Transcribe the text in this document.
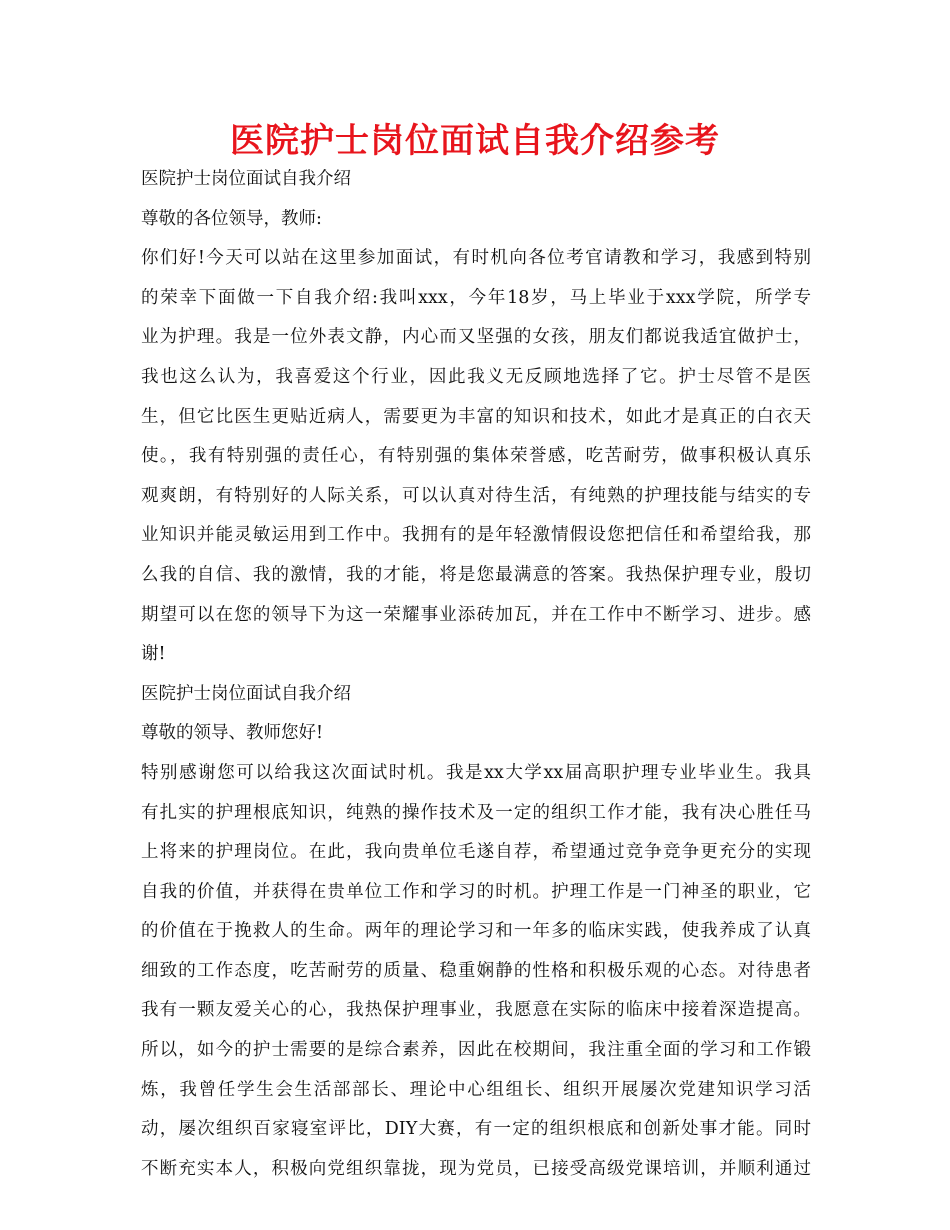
医院护士岗位面试自我介绍参考
医院护士岗位面试自我介绍
尊敬的各位领导，教师:
你们好!今天可以站在这里参加面试，有时机向各位考官请教和学习，我感到特别
的荣幸下面做一下自我介绍:我叫xxx，今年18岁，马上毕业于xxx学院，所学专
业为护理。我是一位外表文静，内心而又坚强的女孩，朋友们都说我适宜做护士，
我也这么认为，我喜爱这个行业，因此我义无反顾地选择了它。护士尽管不是医
生，但它比医生更贴近病人，需要更为丰富的知识和技术，如此才是真正的白衣天
使。，我有特别强的责任心，有特别强的集体荣誉感，吃苦耐劳，做事积极认真乐
观爽朗，有特别好的人际关系，可以认真对待生活，有纯熟的护理技能与结实的专
业知识并能灵敏运用到工作中。我拥有的是年轻激情假设您把信任和希望给我，那
么我的自信、我的激情，我的才能，将是您最满意的答案。我热保护理专业，殷切
期望可以在您的领导下为这一荣耀事业添砖加瓦，并在工作中不断学习、进步。感
谢!
医院护士岗位面试自我介绍
尊敬的领导、教师您好!
特别感谢您可以给我这次面试时机。我是xx大学xx届高职护理专业毕业生。我具
有扎实的护理根底知识，纯熟的操作技术及一定的组织工作才能，我有决心胜任马
上将来的护理岗位。在此，我向贵单位毛遂自荐，希望通过竞争竞争更充分的实现
自我的价值，并获得在贵单位工作和学习的时机。护理工作是一门神圣的职业，它
的价值在于挽救人的生命。两年的理论学习和一年多的临床实践，使我养成了认真
细致的工作态度，吃苦耐劳的质量、稳重娴静的性格和积极乐观的心态。对待患者
我有一颗友爱关心的心，我热保护理事业，我愿意在实际的临床中接着深造提高。
所以，如今的护士需要的是综合素养，因此在校期间，我注重全面的学习和工作锻
炼，我曾任学生会生活部部长、理论中心组组长、组织开展屡次党建知识学习活
动，屡次组织百家寝室评比，DIY大赛，有一定的组织根底和创新处事才能。同时
不断充实本人，积极向党组织靠拢，现为党员，已接受高级党课培训，并顺利通过
